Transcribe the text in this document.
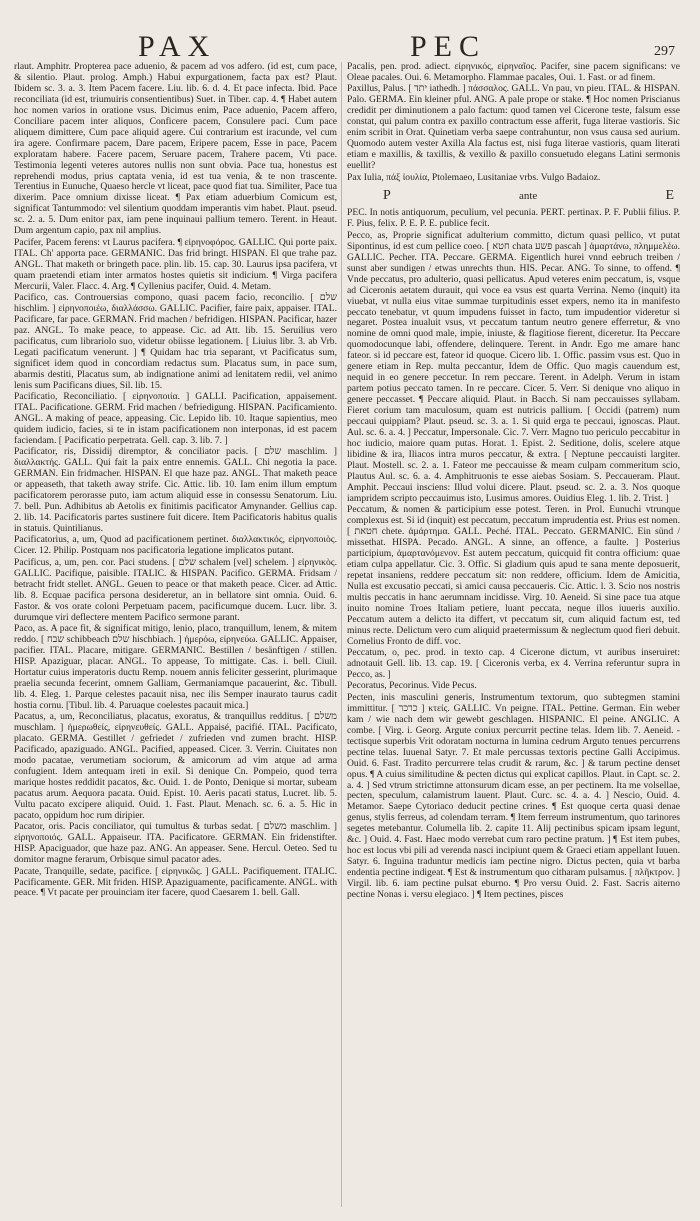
PAX	PEC	297

rlaut. Amphitr. Propterea pace aduenio, & pacem ad vos adfero. (id est, cum pace, & silentio. Plaut. prolog. Amph.) Habui expurgationem, facta pax est? Plaut. Ibidem sc. 3. a. 3. Item Pacem facere. Liu. lib. 6. d. 4. Et pace infecta. Ibid. Pace reconciliata (id est, triumuiris consentientibus) Suet. in Tiber. cap. 4. ¶ Habet autem hoc nomen varios in oratione vsus. Dicimus enim, Pace aduenio, Pacem affero, Conciliare pacem inter aliquos, Conficere pacem, Consulere paci. Cum pace aliquem dimittere, Cum pace aliquid agere. Cui contrarium est iracunde, vel cum ira agere. Confirmare pacem, Dare pacem, Eripere pacem, Esse in pace, Pacem exploratam habere. Facere pacem, Seruare pacem, Trahere pacem, Vti pace. Testimonia legenti veteres autores nullis non sunt obvia. Pace tua, honestus est reprehendi modus, prius captata venia, id est tua venia, & te non trascente. Terentius in Eunuche, Quaeso hercle vt liceat, pace quod fiat tua. Similiter, Pace tua dixerim. Pace omnium dixisse liceat. ¶ Pax etiam aduerbium Comicum est, significat Tantummodo: vel silentium quoddam imperantis vim habet. Plaut. pseud. sc. 2. a. 5. Dum enitor pax, iam pene inquinaui pallium temero. Terent. in Heaut. Dum argentum capio, pax nil amplius.

Pacifer, Pacem ferens: vt Laurus pacifera. ¶ εἰρηνοφόρος. GALLIC. Qui porte paix. ITAL. Ch' apporta pace. GERMANIC. Das frid bringt. HISPAN. El que trahe paz. ANGL. That maketh or bringeth pace. plin. lib. 15. cap. 30. Laurus ipsa pacifera, vt quam praetendi etiam inter armatos hostes quietis sit indicium. ¶ Virga pacifera Mercurii, Valer. Flacc. 4. Arg. ¶ Cyllenius pacifer, Ouid. 4. Metam.

Pacifico, cas. Controuersias compono, quasi pacem facio, reconcilio. [ שלם hischlim. ] εἰρηνοποιέω, διαλλάσσω. GALLIC. Pacifier, faire paix, appaiser. ITAL. Pacificare, far pace. GERMAN. Frid machen / befridigen. HISPAN. Pacificar, hazer paz. ANGL. To make peace, to appease. Cic. ad Att. lib. 15. Seruilius vero pacificatus, cum librariolo suo, videtur obiisse legationem. [ Liuius libr. 3. ab Vrb. Legati pacificatum venerunt. ] ¶ Quidam hac tria separant, vt Pacificatus sum, significet idem quod in concordiam redactus sum. Placatus sum, in pace sum, abarmis destiti, Placatus sum, ab indignatione animi ad lenitatem redii, vel animo lenis sum Pacificans diues, Sil. lib. 15.

Pacificatio, Reconciliatio. [ εἰρηνοποιία. ] GALLI. Pacification, appaisement. ITAL. Pacificatione. GERM. Frid machen / befriedigung. HISPAN. Pacificamiento. ANGL. A making of peace, appeasing. Cic. Lepido lib. 10. Itaque sapientius, meo quidem iudicio, facies, si te in istam pacificationem non interponas, id est pacem faciendam. [ Pacificatio perpetrata. Gell. cap. 3. lib. 7. ]

Pacificator, ris, Dissidij diremptor, & conciliator pacis. [ שלם maschlim. ] διαλλακτής. GALL. Qui fait la paix entre ennemis. GALL. Chi negotia la pace. GERMAN. Ein fridmacher. HISPAN. El que haze paz. ANGL. That maketh peace or appeaseth, that taketh away strife. Cic. Attic. lib. 10. Iam enim illum emptum pacificatorem perorasse puto, iam actum aliquid esse in consessu Senatorum. Liu. 7. bell. Pun. Adhibitus ab Aetolis ex finitimis pacificator Amynander. Gellius cap. 2. lib. 14. Pacificatoris partes sustinere fuit dicere. Item Pacificatoris habitus qualis in statuis. Quintilianus.

Pacificatorius, a, um, Quod ad pacificationem pertinet. διαλλακτικός, εἰρηνοποιὸς. Cicer. 12. Philip. Postquam nos pacificatoria legatione implicatos putant.

Pacificus, a, um, pen. cor. Paci studens. [ שלם schalem [vel] schelem. ] εἰρηνικὸς. GALLIC. Pacifique, paisible. ITALIC. & HISPAN. Pacifico. GERMA. Fridsam / betracht fridt stellet. ANGL. Geuen to peace or that maketh peace. Cicer. ad Attic. lib. 8. Ecquae pacifica persona desideretur, an in bellatore sint omnia. Ouid. 6. Fastor. & vos orate coloni Perpetuam pacem, pacificumque ducem. Lucr. libr. 3. durumque viri deflectere mentem Pacifico sermone parant.

Paco, as. A pace fit, & significat mitigo, lenio, placo, tranquillum, lenem, & mitem reddo. [ שבח schibbeach שלם hischbiach. ] ἡμερόω, εἰρηνεύω. GALLIC. Appaiser, pacifier. ITAL. Placare, mitigare. GERMANIC. Bestillen / besänftigen / stillen. HISP. Apaziguar, placar. ANGL. To appease, To mittigate. Cas. i. bell. Ciuil. Hortatur cuius imperatoris ductu Remp. nouem annis feliciter gesserint, plurimaque praelia secunda fecerint, omnem Galliam, Germaniamque pacauerint, &c. Tibull. lib. 4. Eleg. 1. Parque celestes pacauit nisa, nec ilis Semper inaurato taurus cadit hostia cornu. [Tibul. lib. 4. Paruaque coelestes pacauit mica.]

Pacatus, a, um, Reconciliatus, placatus, exoratus, & tranquillus redditus. [ משלם muschlam. ] ἡμερωθείς, εἰρηνευθείς. GALL. Appaisé, pacifié. ITAL. Pacificato, placato. GERMA. Gestillet / gefriedet / zufrieden vnd zumen bracht. HISP. Pacificado, apaziguado. ANGL. Pacified, appeased. Cicer. 3. Verrin. Ciuitates non modo pacatae, verumetiam sociorum, & amicorum ad vim atque ad arma confugient. Idem antequam ireti in exil. Si denique Cn. Pompeio, quod terra marique hostes reddidit pacatos, &c. Ouid. 1. de Ponto, Denique si mortar, subeam pacatus arum. Aequora pacata. Ouid. Epist. 10. Aeris pacati status, Lucret. lib. 5. Vultu pacato excipere aliquid. Ouid. 1. Fast. Plaut. Menach. sc. 6. a. 5. Hic in pacato, oppidum hoc rum diripier.

Pacator, oris. Pacis conciliator, qui tumultus & turbas sedat. [ משלם maschlim. ] εἰρηνοποιός. GALL. Appaiseur. ITA. Pacificatore. GERMAN. Ein fridenstifter. HISP. Apaciguador, que haze paz. ANG. An appeaser. Sene. Hercul. Oeteo. Sed tu domitor magne ferarum, Orbisque simul pacator ades.

Pacate, Tranquille, sedate, pacifice. [ εἰρηνικῶς. ] GALL. Pacifiquement. ITALIC. Pacificamente. GER. Mit friden. HISP. Apaziguamente, pacificamente. ANGL. with peace. ¶ Vt pacate per prouinciam iter facere, quod Caesarem 1. bell. Gall.

Pacalis, pen. prod. adiect. εἰρηνικός, εἰρηναῖος. Pacifer, sine pacem significans: ve Oleae pacales. Oui. 6. Metamorpho. Flammae pacales, Oui. 1. Fast. or ad finem.

Paxillus, Palus. [ יתד iathedh. ] πάσσαλος. GALL. Vn pau, vn pieu. ITAL. & HISPAN. Palo. GERMA. Ein kleiner pful. ANG. A pale prope or stake. ¶ Hoc nomen Priscianus credidit per diminutionem a palo factum: quod tamen vel Cicerone teste, falsum esse constat, qui palum contra ex paxillo contractum esse afferit, fuga literae vastioris. Sic enim scribit in Orat. Quinetiam verba saepe contrahuntur, non vsus causa sed aurium. Quomodo autem vester Axilla Ala factus est, nisi fuga literae vastioris, quam literati etiam e maxillis, & taxillis, & vexillo & paxillo consuetudo elegans Latini sermonis euellit?

Pax Iulia, πάξ ἰουλία, Ptolemaeo, Lusitaniae vrbs. Vulgo Badaioz.

P	ante	E

PEC. In notis antiquorum, peculium, vel pecunia. PERT. pertinax. P. F. Publii filius. P. F. Pius, felix. P. E. P. E. publice fecit.

Pecco, as, Proprie significat adulterium committo, dictum quasi pellico, vt putat Sipontinus, id est cum pellice coeo. [ חטא chata פשע pascah ] ἁμαρτάνω, πλημμελέω. GALLIC. Pecher. ITA. Peccare. GERMA. Eigentlich hurei vnnd eebruch treiben / sunst aber sundigen / etwas unrechts thun. HIS. Pecar. ANG. To sinne, to offend. ¶ Vnde peccatus, pro adulterio, quasi pellicatus. Apud veteres enim peccatum, is, vsque ad Ciceronis aetatem durauit, qui voce ea vsus est quarta Verrina. Nemo (inquit) ita viuebat, vt nulla eius vitae summae turpitudinis esset expers, nemo ita in manifesto peccato tenebatur, vt quum impudens fuisset in facto, tum impudentior videretur si negaret. Postea inualuit vsus, vt peccatum tantum neutro genere efferretur, & vno nomine de omni quod male, impie, iniuste, & flagitiose fierent, diceretur. Ita Peccare quomodocunque labi, offendere, delinquere. Terent. in Andr. Ego me amare hanc fateor. si id peccare est, fateor id quoque. Cicero lib. 1. Offic. passim vsus est. Quo in genere etiam in Rep. multa peccantur, Idem de Offic. Quo magis cauendum est, nequid in eo genere peccetur. In rem peccare. Terent. in Adelph. Verum in istam partem potius peccato tamen. In re peccare. Cicer. 5. Verr. Si denique vno aliquo in genere peccasset. ¶ Peccare aliquid. Plaut. in Bacch. Si nam peccauisses syllabam. Fieret corium tam maculosum, quam est nutricis pallium. [ Occidi (patrem) num peccaui quippiam? Plaut. pseud. sc. 3. a. 1. Si quid erga te peccaui, ignoscas. Plaut. Aul. sc. 6. a. 4. ] Peccatur, Impersonale. Cic. 7. Verr. Magno tuo periculo peccabitur in hoc iudicio, maiore quam putas. Horat. 1. Epist. 2. Seditione, dolis, scelere atque libidine & ira, Iliacos intra muros peccatur, & extra. [ Neptune peccauisti largiter. Plaut. Mostell. sc. 2. a. 1. Fateor me peccauisse & meam culpam commeritum scio, Plautus Aul. sc. 6. a. 4. Amphitruonis te esse aiebas Sosiam. S. Peccaueram. Plaut. Amphit. Peccaui insciens: Illud volui dicere. Plaut. pseud. sc. 2. a. 3. Nos quoque iampridem scripto peccauimus isto, Lusimus amores. Ouidius Eleg. 1. lib. 2. Trist. ]

Peccatum, & nomen & participium esse potest. Teren. in Prol. Eunuchi vtrunque complexus est. Si id (inquit) est peccatum, peccatum imprudentia est. Prius est nomen. [ חטאת chete. ἁμάρτημα. GALL. Peché. ITAL. Peccato. GERMANIC. Ein sünd / missethat. HISPA. Pecado. ANGL. A sinne, an offence, a faulte. ] Posterius participium, ἁμαρτανόμενον. Est autem peccatum, quicquid fit contra officium: quae etiam culpa appellatur. Cic. 3. Offic. Si gladium quis apud te sana mente deposuerit, repetat insaniens, reddere peccatum sit: non reddere, officium. Idem de Amicitia, Nulla est excusatio peccati, si amici causa peccaueris. Cic. Attic. l. 3. Scio nos nostris multis peccatis in hanc aerumnam incidisse. Virg. 10. Aeneid. Si sine pace tua atque inuito nomine Troes Italiam petiere, luant peccata, neque illos iuueris auxilio. Peccatum autem a delicto ita differt, vt peccatum sit, cum aliquid factum est, ted minus recte. Delictum vero cum aliquid praetermissum & neglectum quod fieri debuit. Cornelius Fronto de diff. voc.

Peccatum, o, pec. prod. in texto cap. 4 Cicerone dictum, vt auribus inseruiret: adnotauit Gell. lib. 13. cap. 19. [ Ciceronis verba, ex 4. Verrina referuntur supra in Pecco, as. ]

Pecoratus, Pecorinus. Vide Pecus.

Pecten, inis masculini generis, Instrumentum textorum, quo subtegmen stamini immittitur. [ כרכר ] κτείς. GALLIC. Vn peigne. ITAL. Pettine. German. Ein weber kam / wie nach dem wir gewebt geschlagen. HISPANIC. El peine. ANGLIC. A combe. [ Virg. i. Georg. Argute coniux percurrit pectine telas. Idem lib. 7. Aeneid. -tectisque superbis Vrit odoratam nocturna in lumina cedrum Arguto tenues percurrens pectine telas. Iuuenal Satyr. 7. Et male percussas textoris pectine Galli Accipimus. Ouid. 6. Fast. Tradito percurrere telas crudit & rarum, &c. ] & tarum pectine denset opus. ¶ A cuius similitudine & pecten dictus qui explicat capillos. Plaut. in Capt. sc. 2. a. 4. ] Sed vtrum strictimne attonsurum dicam esse, an per pectinem. Ita me volsellae, pecten, speculum, calamistrum lauent. Plaut. Curc. sc. 4. a. 4. ] Nescio, Ouid. 4. Metamor. Saepe Cytoriaco deducit pectine crines. ¶ Est quoque certa quasi denae genus, stylis ferreus, ad colendam terram. ¶ Item ferreum instrumentum, quo tarinores segetes metebantur. Columella lib. 2. capite 11. Alij pectinibus spicam ipsam legunt, &c. ] Ouid. 4. Fast. Haec modo verrebat cum raro pectine pratum. ] ¶ Est item pubes, hoc est locus vbi pili ad verenda nasci incipiunt quem & Graeci etiam appellant Iuuen. Satyr. 6. Inguina traduntur medicis iam pectine nigro. Dictus pecten, quia vt barba endentia pectine indigeat. ¶ Est & instrumentum quo citharam pulsamus. [ πλῆκτρον. ] Virgil. lib. 6. iam pectine pulsat eburno. ¶ Pro versu Ouid. 2. Fast. Sacris aiterno pectine Nonas i. versu elegiaco. ] ¶ Item pectines, pisces
